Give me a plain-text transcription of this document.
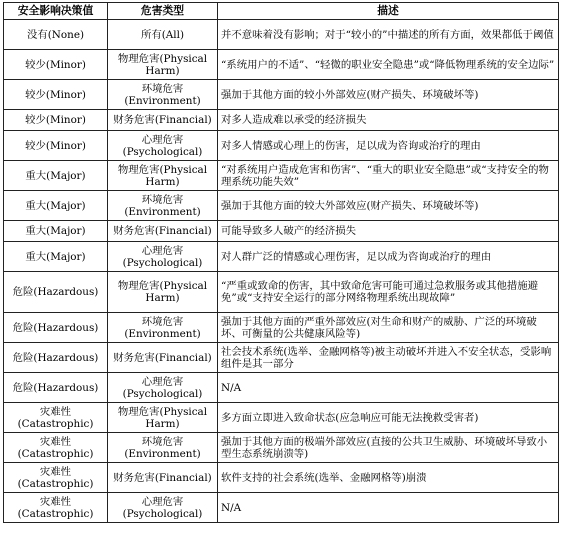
安全影响决策值	危害类型	描述
没有(None)	所有(All)	并不意味着没有影响；对于“较小的”中描述的所有方面，效果都低于阈值
较少(Minor)	物理危害(Physical Harm)	“系统用户的不适”、“轻微的职业安全隐患”或“降低物理系统的安全边际”
较少(Minor)	环境危害(Environment)	强加于其他方面的较小外部效应(财产损失、环境破坏等)
较少(Minor)	财务危害(Financial)	对多人造成难以承受的经济损失
较少(Minor)	心理危害(Psychological)	对多人情感或心理上的伤害，足以成为咨询或治疗的理由
重大(Major)	物理危害(Physical Harm)	“对系统用户造成危害和伤害”、“重大的职业安全隐患”或“支持安全的物理系统功能失效”
重大(Major)	环境危害(Environment)	强加于其他方面的较大外部效应(财产损失、环境破坏等)
重大(Major)	财务危害(Financial)	可能导致多人破产的经济损失
重大(Major)	心理危害(Psychological)	对人群广泛的情感或心理伤害，足以成为咨询或治疗的理由
危险(Hazardous)	物理危害(Physical Harm)	“严重或致命的伤害，其中致命危害可能可通过急救服务或其他措施避免”或“支持安全运行的部分网络物理系统出现故障”
危险(Hazardous)	环境危害(Environment)	强加于其他方面的严重外部效应(对生命和财产的威胁、广泛的环境破坏、可衡量的公共健康风险等)
危险(Hazardous)	财务危害(Financial)	社会技术系统(选举、金融网格等)被主动破坏并进入不安全状态，受影响组件是其一部分
危险(Hazardous)	心理危害(Psychological)	N/A
灾难性(Catastrophic)	物理危害(Physical Harm)	多方面立即进入致命状态(应急响应可能无法挽救受害者)
灾难性(Catastrophic)	环境危害(Environment)	强加于其他方面的极端外部效应(直接的公共卫生威胁、环境破坏导致小型生态系统崩溃等)
灾难性(Catastrophic)	财务危害(Financial)	软件支持的社会系统(选举、金融网格等)崩溃
灾难性(Catastrophic)	心理危害(Psychological)	N/A
